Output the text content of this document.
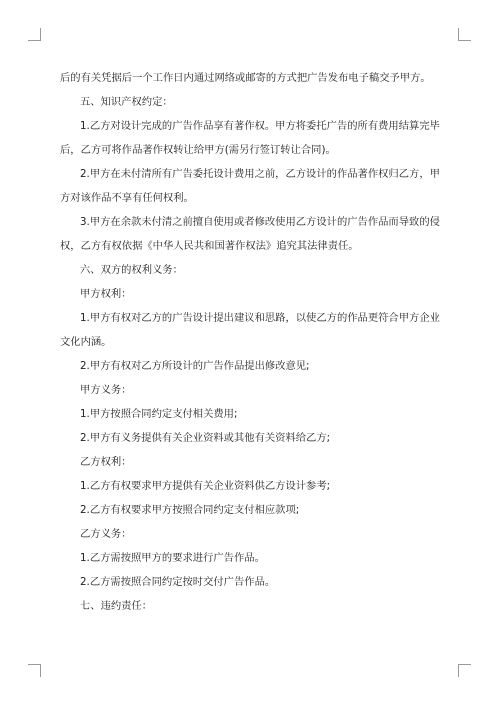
后的有关凭据后一个工作日内通过网络或邮寄的方式把广告发布电子稿交予甲方。

五、知识产权约定：

1.乙方对设计完成的广告作品享有著作权。甲方将委托广告的所有费用结算完毕后，乙方可将作品著作权转让给甲方(需另行签订转让合同)。

2.甲方在未付清所有广告委托设计费用之前，乙方设计的作品著作权归乙方，甲方对该作品不享有任何权利。

3.甲方在余款未付清之前擅自使用或者修改使用乙方设计的广告作品而导致的侵权，乙方有权依据《中华人民共和国著作权法》追究其法律责任。

六、双方的权利义务：

甲方权利：

1.甲方有权对乙方的广告设计提出建议和思路，以使乙方的作品更符合甲方企业文化内涵。

2.甲方有权对乙方所设计的广告作品提出修改意见;

甲方义务：

1.甲方按照合同约定支付相关费用;

2.甲方有义务提供有关企业资料或其他有关资料给乙方;

乙方权利：

1.乙方有权要求甲方提供有关企业资料供乙方设计参考;

2.乙方有权要求甲方按照合同约定支付相应款项;

乙方义务：

1.乙方需按照甲方的要求进行广告作品。

2.乙方需按照合同约定按时交付广告作品。

七、违约责任：
